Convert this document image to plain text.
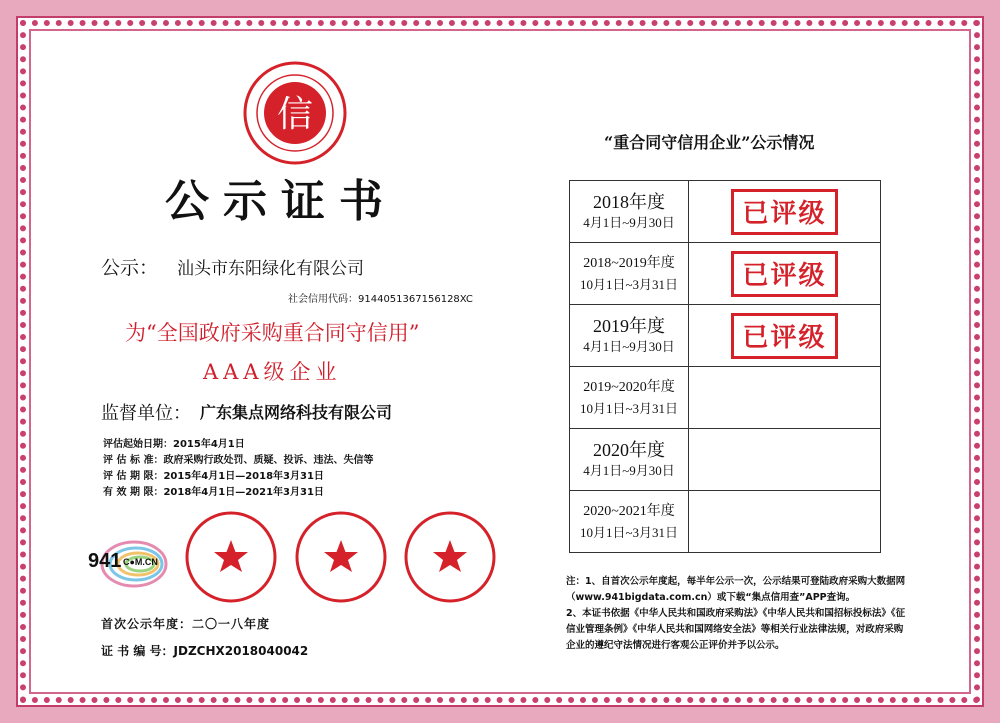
信
公示证书
公示： 汕头市东阳绿化有限公司
社会信用代码：9144051367156128XC
为“全国政府采购重合同守信用”
AAA级企业
监督单位： 广东集点网络科技有限公司
评估起始日期：2015年4月1日
评 估 标 准：政府采购行政处罚、质疑、投诉、违法、失信等
评 估 期 限：2015年4月1日—2018年3月31日
有 效 期 限：2018年4月1日—2021年3月31日
941 C●M.CN
首次公示年度：二〇一八年度
证 书 编 号：JDZCHX2018040042
“重合同守信用企业”公示情况
2018年度
4月1日~9月30日	已评级

2018~2019年度
10月1日~3月31日	已评级

2019年度
4月1日~9月30日	已评级

2019~2020年度
10月1日~3月31日	

2020年度
4月1日~9月30日	

2020~2021年度
10月1日~3月31日	

注：1、自首次公示年度起，每半年公示一次，公示结果可登陆政府采购大数据网（www.941bigdata.com.cn）或下载“集点信用查”APP查询。
2、本证书依据《中华人民共和国政府采购法》《中华人民共和国招标投标法》《征信业管理条例》《中华人民共和国网络安全法》等相关行业法律法规，对政府采购企业的遵纪守法情况进行客观公正评价并予以公示。
